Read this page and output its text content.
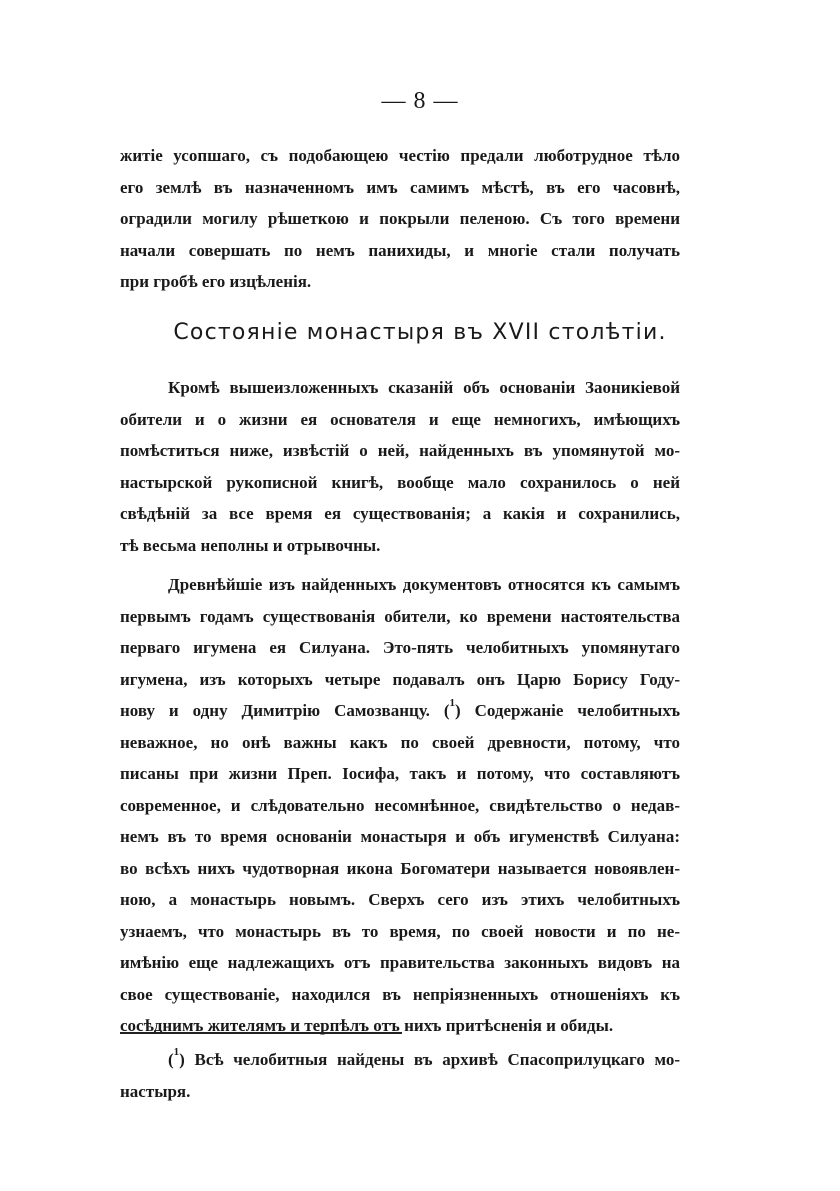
— 8 —
житіе усопшаго, съ подобающею честію предали люботрудное тѣло
его землѣ въ назначенномъ имъ самимъ мѣстѣ, въ его часовнѣ,
оградили могилу рѣшеткою и покрыли пеленою. Съ того времени
начали совершать по немъ панихиды, и многіе стали получать
при гробѣ его изцѣленія.
Состояніе монастыря въ XVII столѣтіи.
Кромѣ вышеизложенныхъ сказаній объ основаніи Заоникіевой
обители и о жизни ея основателя и еще немногихъ, имѣющихъ
помѣститься ниже, извѣстій о ней, найденныхъ въ упомянутой мо-
настырской рукописной книгѣ, вообще мало сохранилось о ней
свѣдѣній за все время ея существованія; а какія и сохранились,
тѣ весьма неполны и отрывочны.
Древнѣйшіе изъ найденныхъ документовъ относятся къ самымъ
первымъ годамъ существованія обители, ко времени настоятельства
перваго игумена ея Силуана. Это-пять челобитныхъ упомянутаго
игумена, изъ которыхъ четыре подавалъ онъ Царю Борису Году-
нову и одну Димитрію Самозванцу. ($^1$) Содержаніе челобитныхъ
неважное, но онѣ важны какъ по своей древности, потому, что
писаны при жизни Преп. Іосифа, такъ и потому, что составляютъ
современное, и слѣдовательно несомнѣнное, свидѣтельство о недав-
немъ въ то время основаніи монастыря и объ игуменствѣ Силуана:
во всѣхъ нихъ чудотворная икона Богоматери называется новоявлен-
ною, а монастырь новымъ. Сверхъ сего изъ этихъ челобитныхъ
узнаемъ, что монастырь въ то время, по своей новости и по не-
имѣнію еще надлежащихъ отъ правительства законныхъ видовъ на
свое существованіе, находился въ непріязненныхъ отношеніяхъ къ
сосѣднимъ жителямъ и терпѣлъ отъ нихъ притѣсненія и обиды.
($^1$) Всѣ челобитныя найдены въ архивѣ Спасоприлуцкаго мо-
настыря.
